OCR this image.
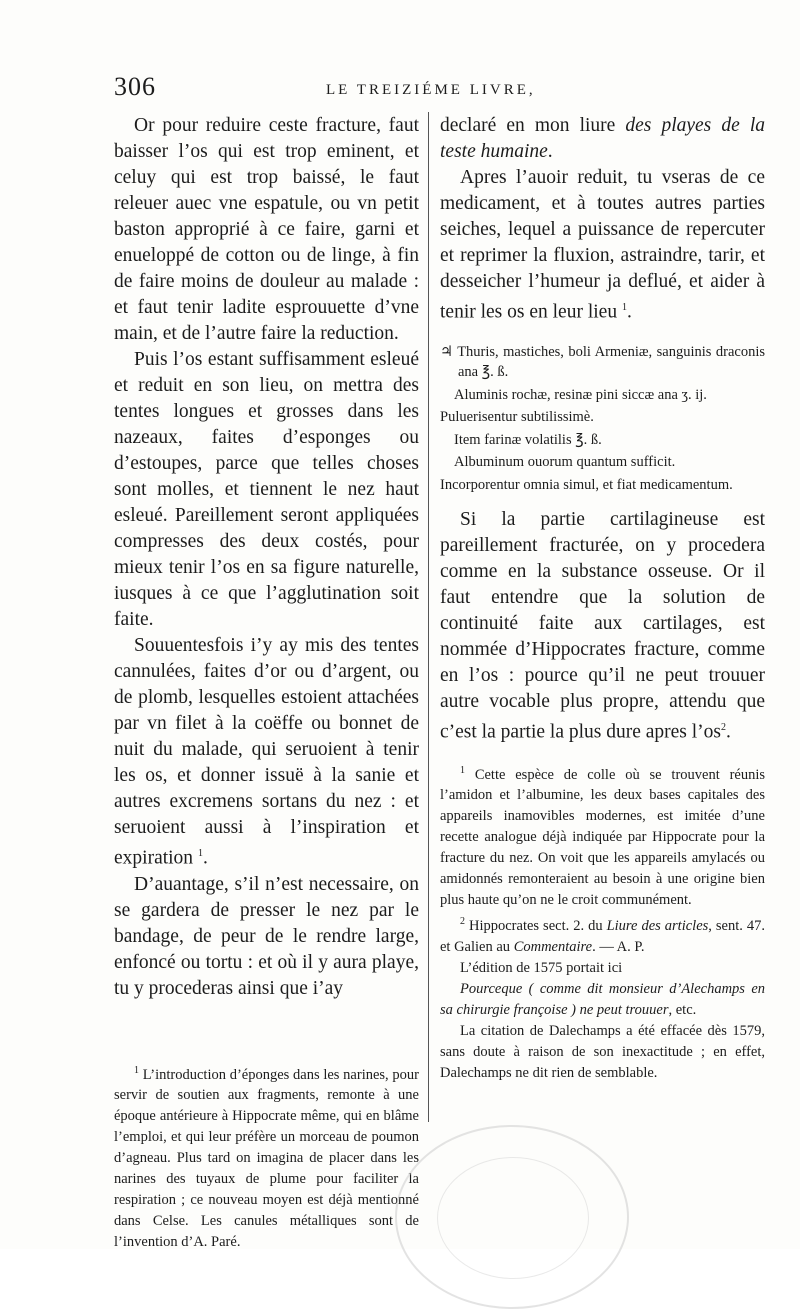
306	LE TREIZIÉME LIVRE,

Or pour reduire ceste fracture, faut baisser l’os qui est trop eminent, et celuy qui est trop baissé, le faut releuer auec vne espatule, ou vn petit baston approprié à ce faire, garni et enueloppé de cotton ou de linge, à fin de faire moins de douleur au malade : et faut tenir ladite esprouuette d’vne main, et de l’autre faire la reduction.

Puis l’os estant suffisamment esleué et reduit en son lieu, on mettra des tentes longues et grosses dans les nazeaux, faites d’esponges ou d’estoupes, parce que telles choses sont molles, et tiennent le nez haut esleué. Pareillement seront appliquées compresses des deux costés, pour mieux tenir l’os en sa figure naturelle, iusques à ce que l’agglutination soit faite.

Souuentesfois i’y ay mis des tentes cannulées, faites d’or ou d’argent, ou de plomb, lesquelles estoient attachées par vn filet à la coëffe ou bonnet de nuit du malade, qui seruoient à tenir les os, et donner issuë à la sanie et autres excremens sortans du nez : et seruoient aussi à l’inspiration et expiration $^1$.

D’auantage, s’il n’est necessaire, on se gardera de presser le nez par le bandage, de peur de le rendre large, enfoncé ou tortu : et où il y aura playe, tu y procederas ainsi que i’ay

$^1$ L’introduction d’éponges dans les narines, pour servir de soutien aux fragments, remonte à une époque antérieure à Hippocrate même, qui en blâme l’emploi, et qui leur préfère un morceau de poumon d’agneau. Plus tard on imagina de placer dans les narines des tuyaux de plume pour faciliter la respiration ; ce nouveau moyen est déjà mentionné dans Celse. Les canules métalliques sont de l’invention d’A. Paré.

declaré en mon liure des playes de la teste humaine.

Apres l’auoir reduit, tu vseras de ce medicament, et à toutes autres parties seiches, lequel a puissance de repercuter et reprimer la fluxion, astraindre, tarir, et desseicher l’humeur ja deflué, et aider à tenir les os en leur lieu $^1$.

♃ Thuris, mastiches, boli Armeniæ, sanguinis draconis ana ℥. ß.

Aluminis rochæ, resinæ pini siccæ ana ʒ. ij.

Puluerisentur subtilissimè.

Item farinæ volatilis ℥. ß.

Albuminum ouorum quantum sufficit.

Incorporentur omnia simul, et fiat medicamentum.

Si la partie cartilagineuse est pareillement fracturée, on y procedera comme en la substance osseuse. Or il faut entendre que la solution de continuité faite aux cartilages, est nommée d’Hippocrates fracture, comme en l’os : pource qu’il ne peut trouuer autre vocable plus propre, attendu que c’est la partie la plus dure apres $l’os^2$.

$^1$ Cette espèce de colle où se trouvent réunis l’amidon et l’albumine, les deux bases capitales des appareils inamovibles modernes, est imitée d’une recette analogue déjà indiquée par Hippocrate pour la fracture du nez. On voit que les appareils amylacés ou amidonnés remonteraient au besoin à une origine bien plus haute qu’on ne le croit communément.

$^2$ Hippocrates sect. 2. du Liure des articles, sent. 47. et Galien au Commentaire. — A. P.

L’édition de 1575 portait ici

Pourceque ( comme dit monsieur d’Alechamps en sa chirurgie françoise ) ne peut trouuer, etc.

La citation de Dalechamps a été effacée dès 1579, sans doute à raison de son inexactitude ; en effet, Dalechamps ne dit rien de semblable.
